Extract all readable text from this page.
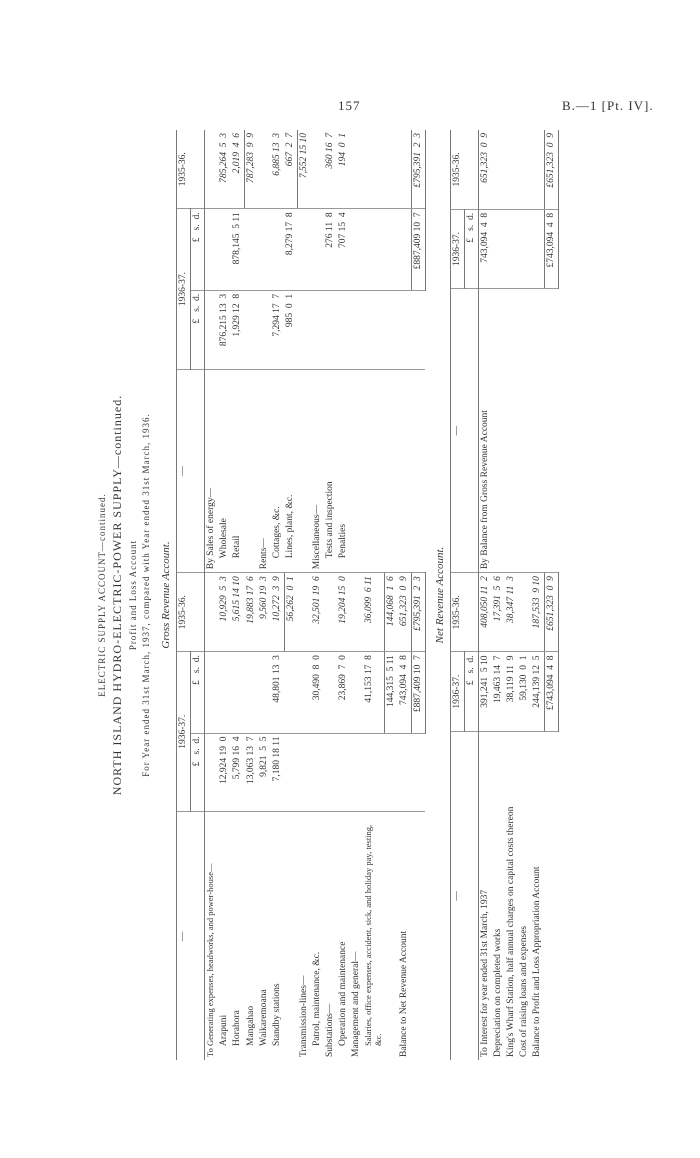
157	B.—1 [Pt. IV].
ELECTRIC SUPPLY ACCOUNT—continued. NORTH ISLAND HYDRO-ELECTRIC-POWER SUPPLY—continued. Profit and Loss Account For Year ended 31st March, 1937, compared with Year ended 31st March, 1936. Gross Revenue Account.
—	1936-37.		1935-36.	—	1936-37.		1935-36.
	£   s.  d.	£   s.  d.			£   s.  d.	£   s.  d.	
To Generating expenses, headworks, and power-house—				By Sales of energy—			
Arapuni	12,924 19  0		10,929  5  3	Wholesale	876,215 13  3		785,264  5  3
Horahora	5,799 16  4		5,615 14 10	Retail	1,929 12  8	878,145  5 11	2,019  4  6
Mangahao	13,063 13  7		19,883 17  6				787,283  9  9
Waikaremoana	9,821  5  5		9,560 19  3	Rents—			
Standby stations	7,180 18 11	48,801 13  3	10,272  3  9	Cottages, &c.	7,294 17  7		6,885 13  3
			56,262  0  1	Lines, plant, &c.	985  0  1	8,279 17  8	667  2  7
Transmission-lines—							7,552 15 10
Patrol, maintenance, &c.		30,490  8  0	32,501 19  6	Miscellaneous—			
Substations—				Tests and inspection		276 11  8	360 16  7
Operation and maintenance		23,869  7  0	19,204 15  0	Penalties		707 15  4	194  0  1
Management and general—							
Salaries, office expenses, accident, sick, and holiday pay, testing, &c.		41,153 17  8	36,099  6 11				
		144,315  5 11	144,068  1  6				
Balance to Net Revenue Account		743,094  4  8	651,323  0  9				
		£887,409 10  7	£795,391  2  3			£887,409 10  7	£795,391  2  3
Net Revenue Account.
—	1936-37.	1935-36.	—	1936-37.	1935-36.
	£   s.  d.			£   s.  d.	
To Interest for year ended 31st March, 1937	391,241  5 10	408,050 11  2	By Balance from Gross Revenue Account	743,094  4  8	651,323  0  9
Depreciation on completed works	19,463 14  7	17,391  5  6			
King's Wharf Station, half annual charges on capital costs thereon	38,119 11  9	38,347 11  3			
Cost of raising loans and expenses	59,130  0  1				
Balance to Profit and Loss Appropriation Account	244,139 12  5	187,533  9 10			
	£743,094  4  8	£651,323  0  9		£743,094  4  8	£651,323  0  9
